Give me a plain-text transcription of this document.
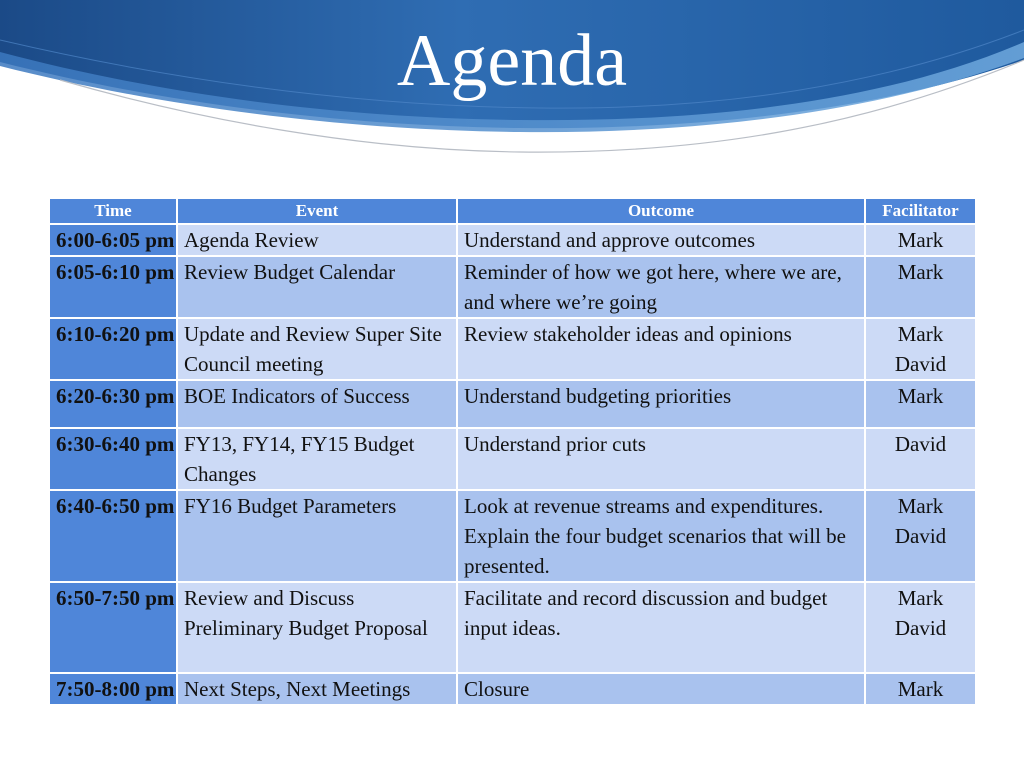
Agenda
Time	Event	Outcome	Facilitator
6:00-6:05 pm	Agenda Review	Understand and approve outcomes	Mark

6:05-6:10 pm	Review Budget Calendar	Reminder of how we got here, where we are, and where we’re going	Mark

6:10-6:20 pm	Update and Review Super Site Council meeting	Review stakeholder ideas and opinions	Mark
David

6:20-6:30 pm	BOE Indicators of Success	Understand budgeting priorities	Mark

6:30-6:40 pm	FY13, FY14, FY15 Budget Changes	Understand prior cuts	David

6:40-6:50 pm	FY16 Budget Parameters	Look at revenue streams and expenditures. Explain the four budget scenarios that will be presented.	Mark
David

6:50-7:50 pm	Review and Discuss Preliminary Budget Proposal	Facilitate and record discussion and budget input ideas.	Mark
David

7:50-8:00 pm	Next Steps, Next Meetings	Closure	Mark
